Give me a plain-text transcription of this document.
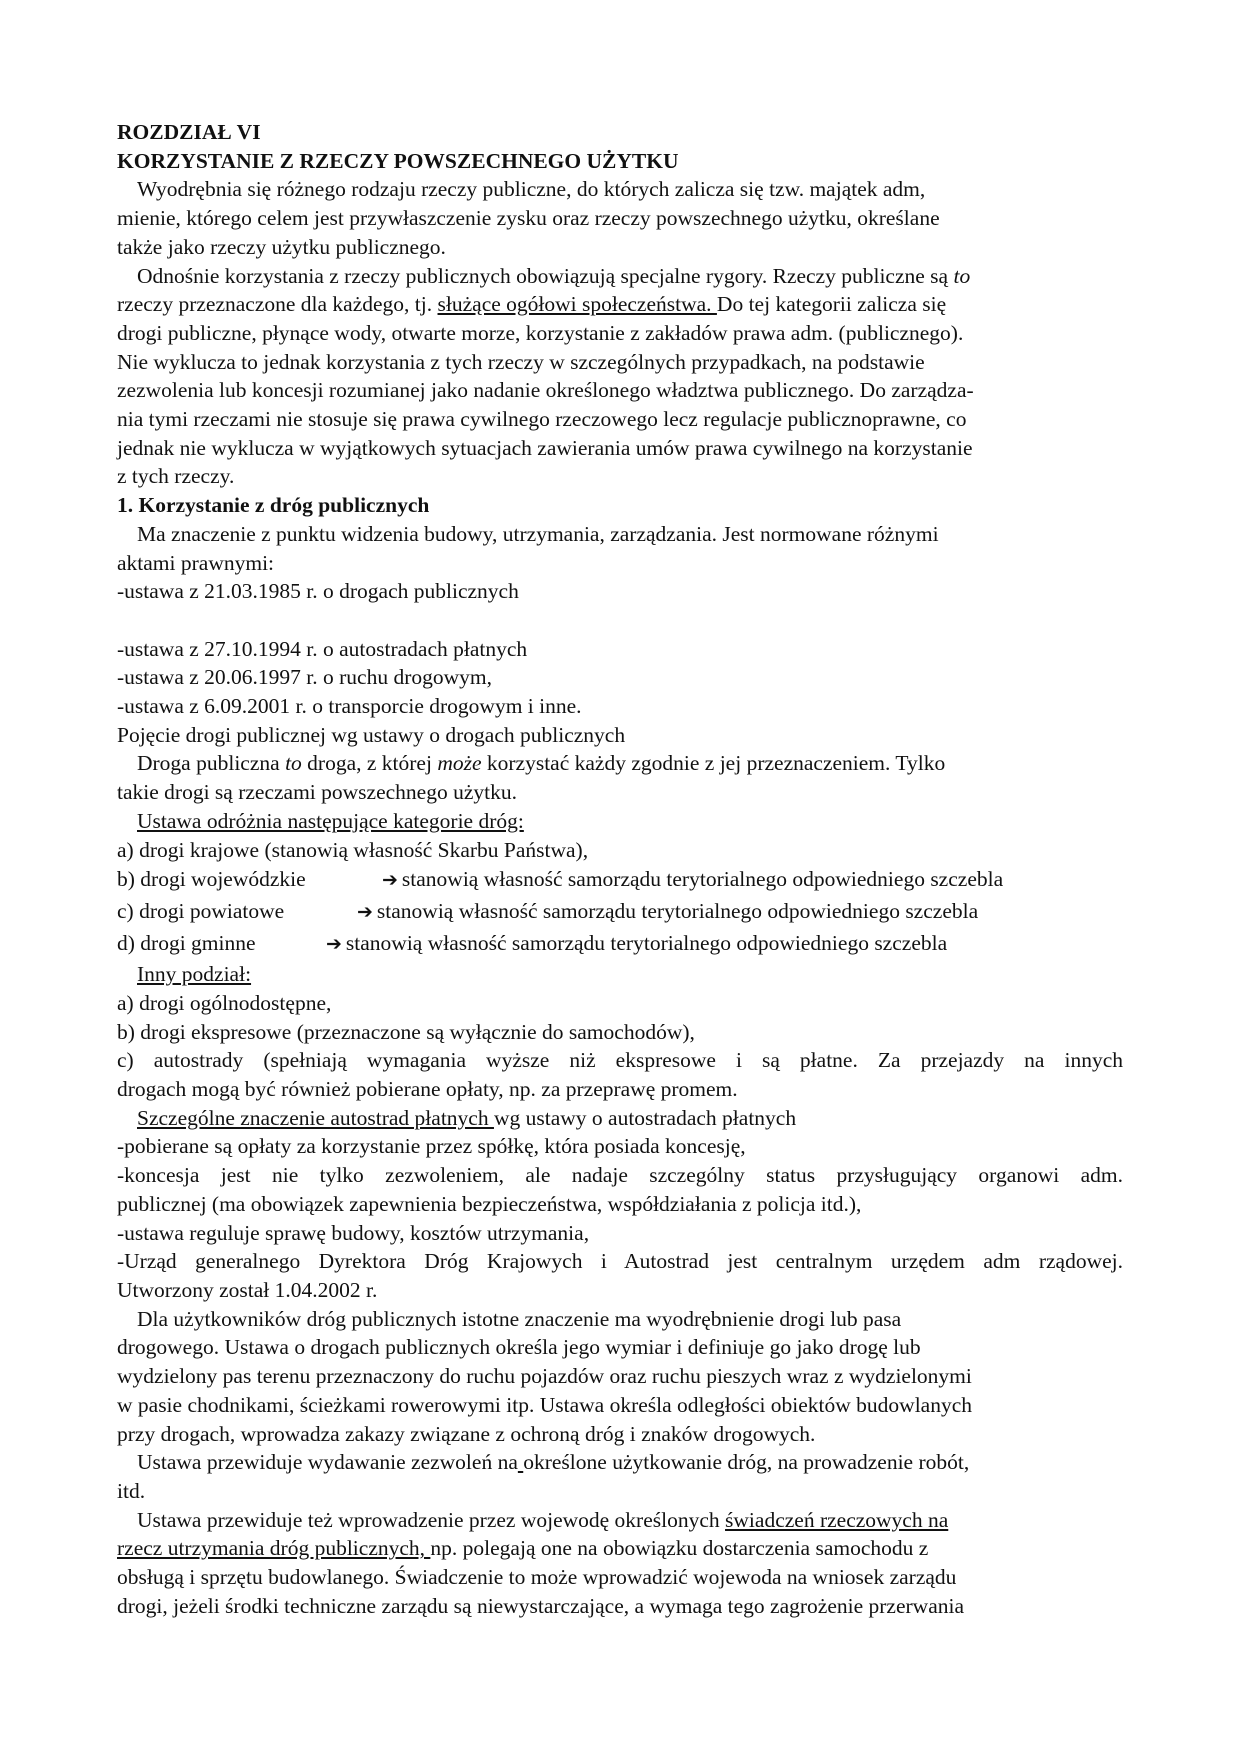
ROZDZIAŁ VI
KORZYSTANIE Z RZECZY POWSZECHNEGO UŻYTKU
Wyodrębnia się różnego rodzaju rzeczy publiczne, do których zalicza się tzw. majątek adm,
mienie, którego celem jest przywłaszczenie zysku oraz rzeczy powszechnego użytku, określane
także jako rzeczy użytku publicznego.
Odnośnie korzystania z rzeczy publicznych obowiązują specjalne rygory. Rzeczy publiczne są to
rzeczy przeznaczone dla każdego, tj. służące ogółowi społeczeństwa. Do tej kategorii zalicza się
drogi publiczne, płynące wody, otwarte morze, korzystanie z zakładów prawa adm. (publicznego).
Nie wyklucza to jednak korzystania z tych rzeczy w szczególnych przypadkach, na podstawie
zezwolenia lub koncesji rozumianej jako nadanie określonego władztwa publicznego. Do zarządza-
nia tymi rzeczami nie stosuje się prawa cywilnego rzeczowego lecz regulacje publicznoprawne, co
jednak nie wyklucza w wyjątkowych sytuacjach zawierania umów prawa cywilnego na korzystanie
z tych rzeczy.
1. Korzystanie z dróg publicznych
Ma znaczenie z punktu widzenia budowy, utrzymania, zarządzania. Jest normowane różnymi
aktami prawnymi:
-ustawa z 21.03.1985 r. o drogach publicznych
-ustawa z 27.10.1994 r. o autostradach płatnych
-ustawa z 20.06.1997 r. o ruchu drogowym,
-ustawa z 6.09.2001 r. o transporcie drogowym i inne.
Pojęcie drogi publicznej wg ustawy o drogach publicznych
Droga publiczna to droga, z której może korzystać każdy zgodnie z jej przeznaczeniem. Tylko
takie drogi są rzeczami powszechnego użytku.
Ustawa odróżnia następujące kategorie dróg:
a) drogi krajowe (stanowią własność Skarbu Państwa),
b) drogi wojewódzkie	➔ stanowią własność samorządu terytorialnego odpowiedniego szczebla
c) drogi powiatowe	➔ stanowią własność samorządu terytorialnego odpowiedniego szczebla
d) drogi gminne	➔ stanowią własność samorządu terytorialnego odpowiedniego szczebla
Inny podział:
a) drogi ogólnodostępne,
b) drogi ekspresowe (przeznaczone są wyłącznie do samochodów),
c) autostrady (spełniają wymagania wyższe niż ekspresowe i są płatne. Za przejazdy na innych
drogach mogą być również pobierane opłaty, np. za przeprawę promem.
Szczególne znaczenie autostrad płatnych wg ustawy o autostradach płatnych
-pobierane są opłaty za korzystanie przez spółkę, która posiada koncesję,
-koncesja jest nie tylko zezwoleniem, ale nadaje szczególny status przysługujący organowi adm.
publicznej (ma obowiązek zapewnienia bezpieczeństwa, współdziałania z policja itd.),
-ustawa reguluje sprawę budowy, kosztów utrzymania,
-Urząd generalnego Dyrektora Dróg Krajowych i Autostrad jest centralnym urzędem adm rządowej.
Utworzony został 1.04.2002 r.
Dla użytkowników dróg publicznych istotne znaczenie ma wyodrębnienie drogi lub pasa
drogowego. Ustawa o drogach publicznych określa jego wymiar i definiuje go jako drogę lub
wydzielony pas terenu przeznaczony do ruchu pojazdów oraz ruchu pieszych wraz z wydzielonymi
w pasie chodnikami, ścieżkami rowerowymi itp. Ustawa określa odległości obiektów budowlanych
przy drogach, wprowadza zakazy związane z ochroną dróg i znaków drogowych.
Ustawa przewiduje wydawanie zezwoleń na określone użytkowanie dróg, na prowadzenie robót,
itd.
Ustawa przewiduje też wprowadzenie przez wojewodę określonych świadczeń rzeczowych na
rzecz utrzymania dróg publicznych, np. polegają one na obowiązku dostarczenia samochodu z
obsługą i sprzętu budowlanego. Świadczenie to może wprowadzić wojewoda na wniosek zarządu
drogi, jeżeli środki techniczne zarządu są niewystarczające, a wymaga tego zagrożenie przerwania
